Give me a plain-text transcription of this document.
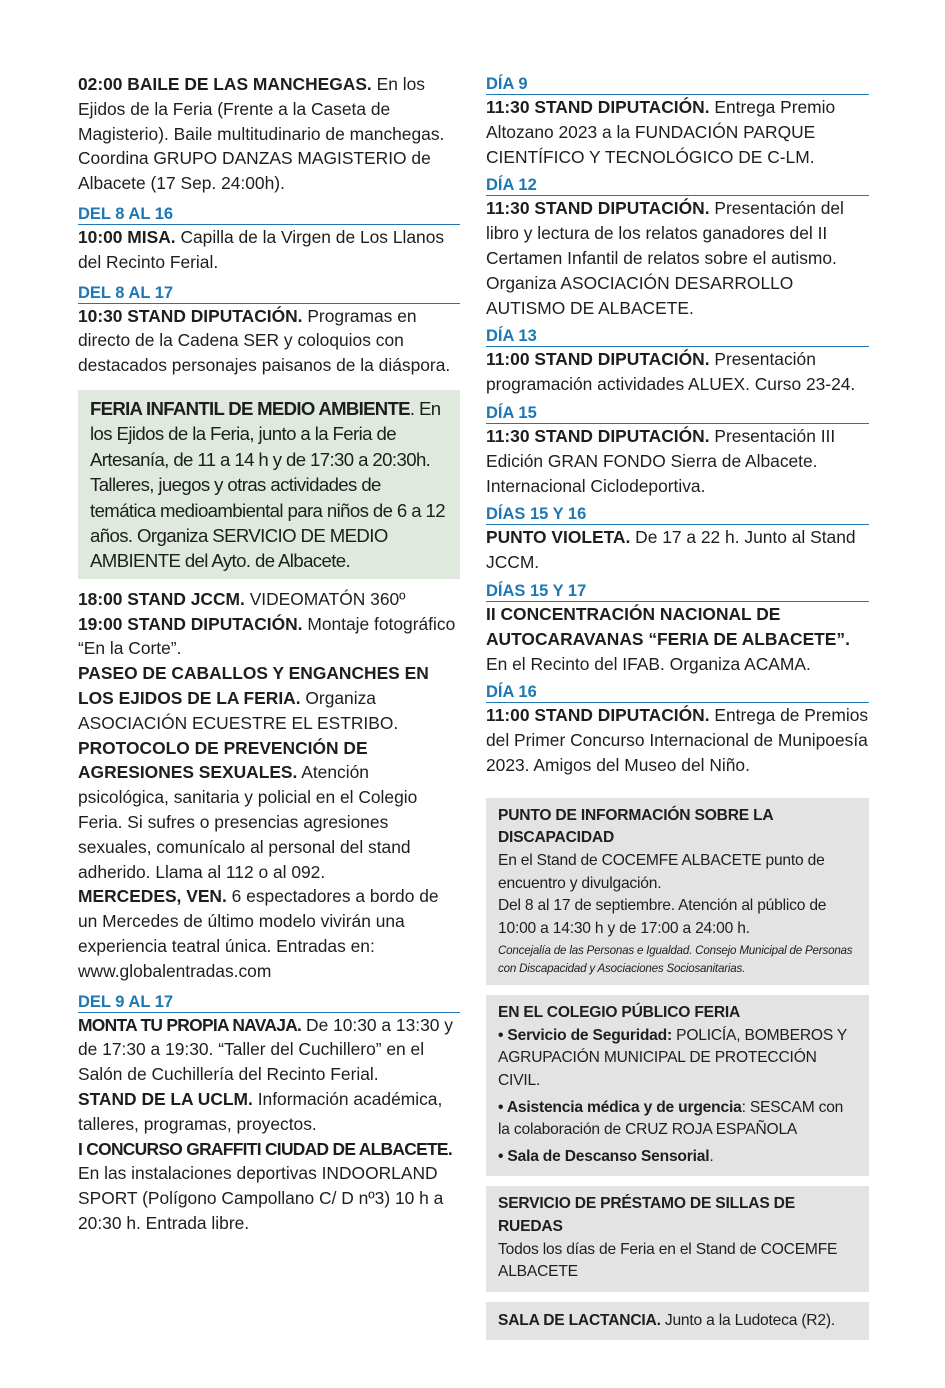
02:00 BAILE DE LAS MANCHEGAS. En los Ejidos de la Feria (Frente a la Caseta de Magisterio). Baile multitudinario de manchegas. Coordina GRUPO DANZAS MAGISTERIO de Albacete (17 Sep. 24:00h).

DEL 8 AL 16

10:00 MISA. Capilla de la Virgen de Los Llanos del Recinto Ferial.

DEL 8 AL 17

10:30 STAND DIPUTACIÓN. Programas en directo de la Cadena SER y coloquios con destacados personajes paisanos de la diáspora.

FERIA INFANTIL DE MEDIO AMBIENTE. En los Ejidos de la Feria, junto a la Feria de Artesanía, de 11 a 14 h y de 17:30 a 20:30h. Talleres, juegos y otras actividades de temática medioambiental para niños de 6 a 12 años. Organiza SERVICIO DE MEDIO AMBIENTE del Ayto. de Albacete.

18:00 STAND JCCM. VIDEOMATÓN 360º

19:00 STAND DIPUTACIÓN. Montaje fotográfico “En la Corte”.

PASEO DE CABALLOS Y ENGANCHES EN LOS EJIDOS DE LA FERIA. Organiza ASOCIACIÓN ECUESTRE EL ESTRIBO.

PROTOCOLO DE PREVENCIÓN DE AGRESIONES SEXUALES. Atención psicológica, sanitaria y policial en el Colegio Feria. Si sufres o presencias agresiones sexuales, comunícalo al personal del stand adherido. Llama al 112 o al 092.

MERCEDES, VEN. 6 espectadores a bordo de un Mercedes de último modelo vivirán una experiencia teatral única. Entradas en: www.globalentradas.com

DEL 9 AL 17

MONTA TU PROPIA NAVAJA. De 10:30 a 13:30 y de 17:30 a 19:30. “Taller del Cuchillero” en el Salón de Cuchillería del Recinto Ferial.

STAND DE LA UCLM. Información académica, talleres, programas, proyectos.

I CONCURSO GRAFFITI CIUDAD DE ALBACETE. En las instalaciones deportivas INDOORLAND SPORT (Polígono Campollano C/ D nº3) 10 h a 20:30 h. Entrada libre.

DÍA 9

11:30 STAND DIPUTACIÓN. Entrega Premio Altozano 2023 a la FUNDACIÓN PARQUE CIENTÍFICO Y TECNOLÓGICO DE C-LM.

DÍA 12

11:30 STAND DIPUTACIÓN. Presentación del libro y lectura de los relatos ganadores del II Certamen Infantil de relatos sobre el autismo. Organiza ASOCIACIÓN DESARROLLO AUTISMO DE ALBACETE.

DÍA 13

11:00 STAND DIPUTACIÓN. Presentación programación actividades ALUEX. Curso 23-24.

DÍA 15

11:30 STAND DIPUTACIÓN. Presentación III Edición GRAN FONDO Sierra de Albacete. Internacional Ciclodeportiva.

DÍAS 15 Y 16

PUNTO VIOLETA. De 17 a 22 h. Junto al Stand JCCM.

DÍAS 15 Y 17

II CONCENTRACIÓN NACIONAL DE AUTOCARAVANAS “FERIA DE ALBACETE”. En el Recinto del IFAB. Organiza ACAMA.

DÍA 16

11:00 STAND DIPUTACIÓN. Entrega de Premios del Primer Concurso Internacional de Munipoesía 2023. Amigos del Museo del Niño.

PUNTO DE INFORMACIÓN SOBRE LA DISCAPACIDAD
En el Stand de COCEMFE ALBACETE punto de encuentro y divulgación.
Del 8 al 17 de septiembre. Atención al público de 10:00 a 14:30 h y de 17:00 a 24:00 h.
Concejalía de las Personas e Igualdad. Consejo Municipal de Personas con Discapacidad y Asociaciones Sociosanitarias.
EN EL COLEGIO PÚBLICO FERIA
• Servicio de Seguridad: POLICÍA, BOMBEROS Y AGRUPACIÓN MUNICIPAL DE PROTECCIÓN CIVIL.
• Asistencia médica y de urgencia: SESCAM con la colaboración de CRUZ ROJA ESPAÑOLA
• Sala de Descanso Sensorial.
SERVICIO DE PRÉSTAMO DE SILLAS DE RUEDAS
Todos los días de Feria en el Stand de COCEMFE ALBACETE
SALA DE LACTANCIA. Junto a la Ludoteca (R2).
